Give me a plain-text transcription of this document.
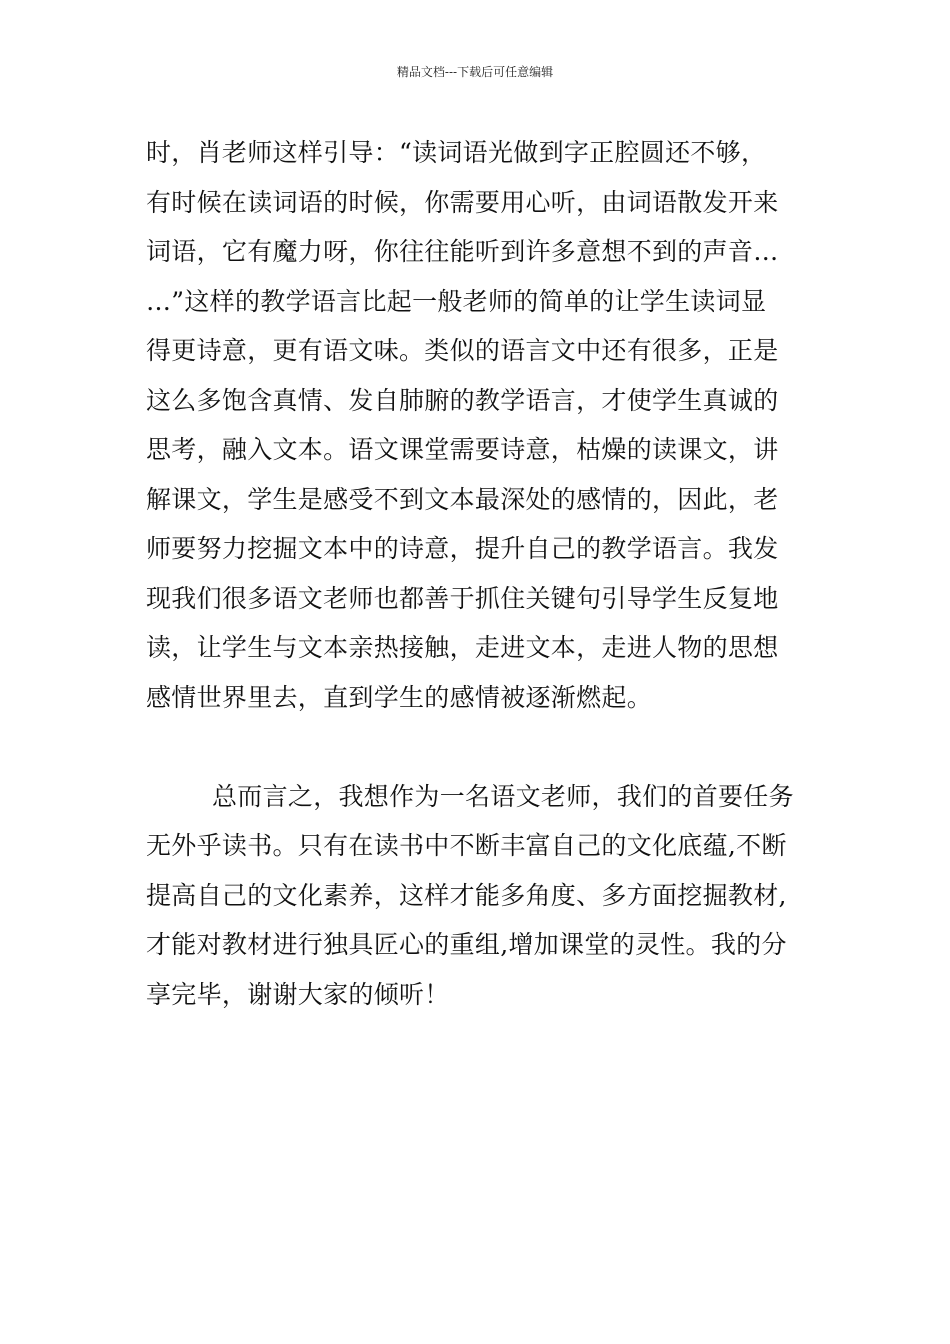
精品文档---下载后可任意编辑
时，肖老师这样引导：“读词语光做到字正腔圆还不够，
有时候在读词语的时候，你需要用心听，由词语散发开来
词语，它有魔力呀，你往往能听到许多意想不到的声音…
…”这样的教学语言比起一般老师的简单的让学生读词显
得更诗意，更有语文味。类似的语言文中还有很多，正是
这么多饱含真情、发自肺腑的教学语言，才使学生真诚的
思考，融入文本。语文课堂需要诗意，枯燥的读课文，讲
解课文，学生是感受不到文本最深处的感情的，因此，老
师要努力挖掘文本中的诗意，提升自己的教学语言。我发
现我们很多语文老师也都善于抓住关键句引导学生反复地
读，让学生与文本亲热接触，走进文本，走进人物的思想
感情世界里去，直到学生的感情被逐渐燃起。
总而言之，我想作为一名语文老师，我们的首要任务
无外乎读书。只有在读书中不断丰富自己的文化底蕴,不断
提高自己的文化素养，这样才能多角度、多方面挖掘教材,
才能对教材进行独具匠心的重组,增加课堂的灵性。我的分
享完毕，谢谢大家的倾听！
